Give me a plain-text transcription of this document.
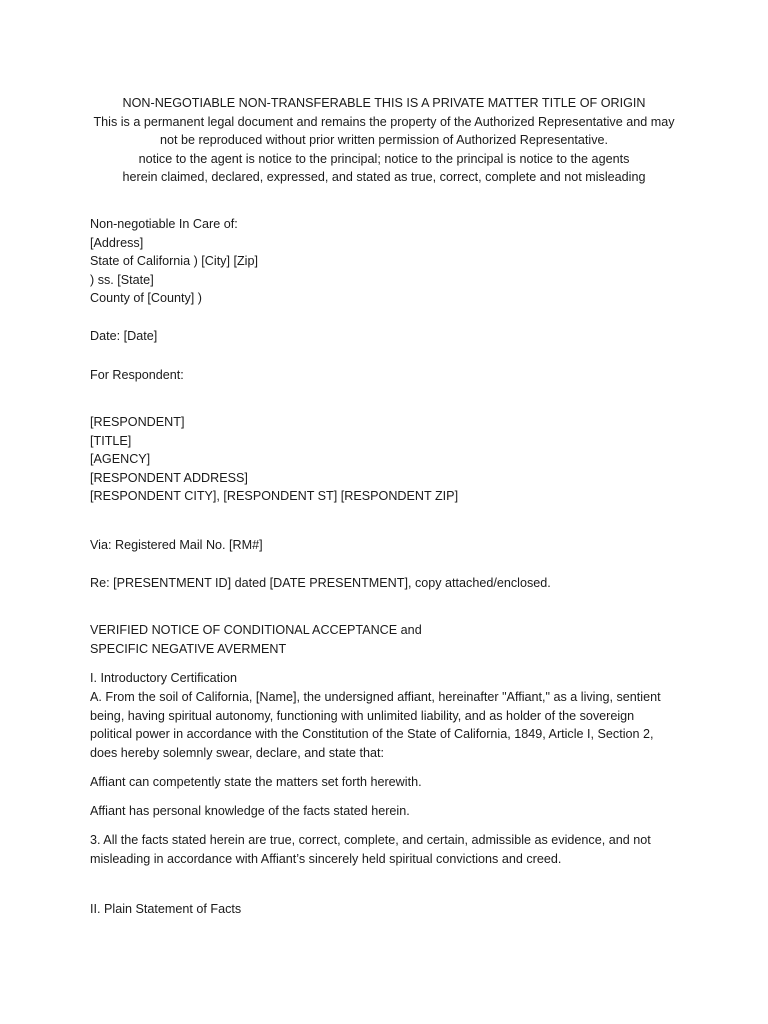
NON-NEGOTIABLE NON-TRANSFERABLE THIS IS A PRIVATE MATTER TITLE OF ORIGIN
This is a permanent legal document and remains the property of the Authorized Representative and may
not be reproduced without prior written permission of Authorized Representative.
notice to the agent is notice to the principal; notice to the principal is notice to the agents
herein claimed, declared, expressed, and stated as true, correct, complete and not misleading
Non-negotiable In Care of:
[Address]
State of California ) [City] [Zip]
) ss. [State]
County of [County] )
Date: [Date]
For Respondent:
[RESPONDENT]
[TITLE]
[AGENCY]
[RESPONDENT ADDRESS]
[RESPONDENT CITY], [RESPONDENT ST] [RESPONDENT ZIP]
Via: Registered Mail No. [RM#]
Re: [PRESENTMENT ID] dated [DATE PRESENTMENT], copy attached/enclosed.
VERIFIED NOTICE OF CONDITIONAL ACCEPTANCE and
SPECIFIC NEGATIVE AVERMENT
I. Introductory Certification
A. From the soil of California, [Name], the undersigned affiant, hereinafter "Affiant," as a living, sentient
being, having spiritual autonomy, functioning with unlimited liability, and as holder of the sovereign
political power in accordance with the Constitution of the State of California, 1849, Article I, Section 2,
does hereby solemnly swear, declare, and state that:
Affiant can competently state the matters set forth herewith.
Affiant has personal knowledge of the facts stated herein.
3. All the facts stated herein are true, correct, complete, and certain, admissible as evidence, and not
misleading in accordance with Affiant’s sincerely held spiritual convictions and creed.
II. Plain Statement of Facts
